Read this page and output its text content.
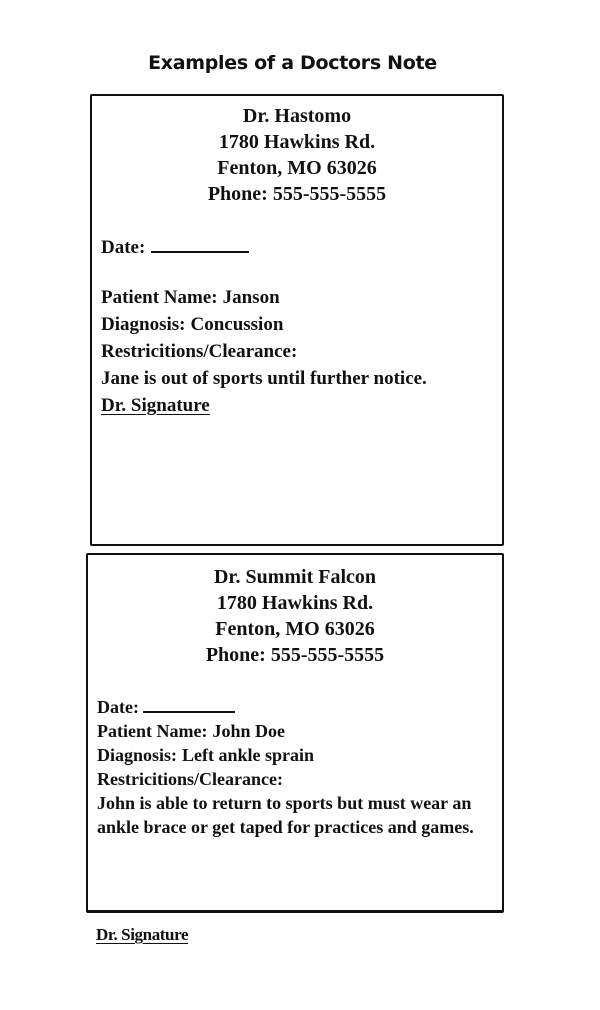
Examples of a Doctors Note
Dr. Hastomo
1780 Hawkins Rd.
Fenton, MO 63026
Phone: 555-555-5555
Date:
Patient Name: Janson
Diagnosis: Concussion
Restricitions/Clearance:
Jane is out of sports until further notice.
Dr. Signature
Dr. Summit Falcon
1780 Hawkins Rd.
Fenton, MO 63026
Phone: 555-555-5555
Date:
Patient Name: John Doe
Diagnosis: Left ankle sprain
Restricitions/Clearance:
John is able to return to sports but must wear an ankle brace or get taped for practices and games.
Dr. Signature
